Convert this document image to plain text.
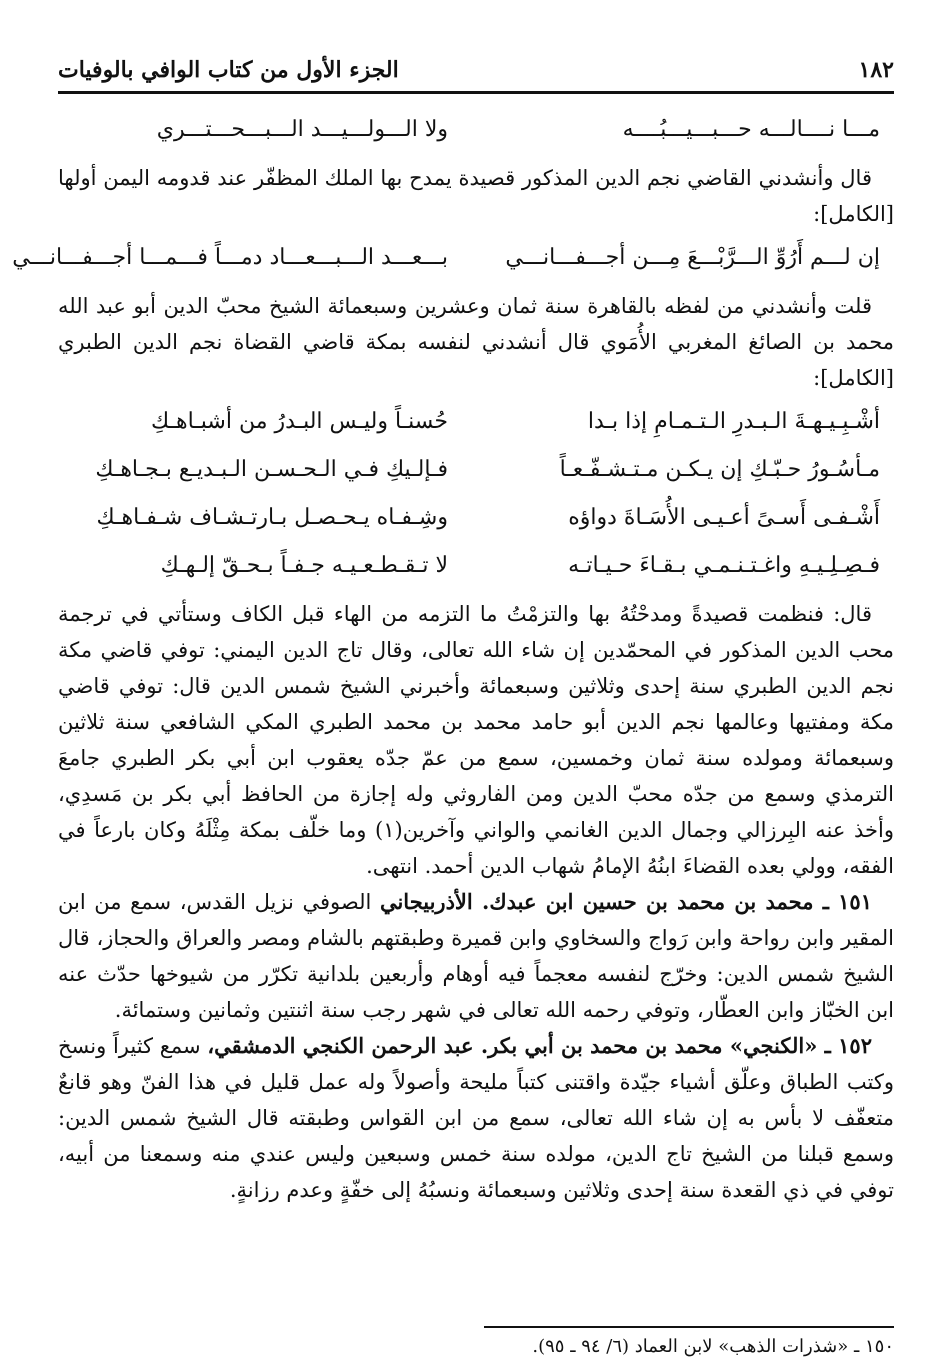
١٨٢
الجزء الأول من كتاب الوافي بالوفيات
مـــا نــــالـــه حـــبـــيـــبُــــه
ولا الـــولـــيـــد الـــبـــحـــتـــري

قال وأنشدني القاضي نجم الدين المذكور قصيدة يمدح بها الملك المظفّر عند قدومه اليمن أولها [الكامل]:

إن لـــم أَرُوِّ الـــرَّبْـــعَ مِـــن أجـــفـــانـــي
بـــعـــد الـــبـــعـــاد دمـــاً فـــمـــا أجـــفـــانـــي

قلت وأنشدني من لفظه بالقاهرة سنة ثمان وعشرين وسبعمائة الشيخ محبّ الدين أبو عبد الله محمد بن الصائغ المغربي الأُمَوي قال أنشدني لنفسه بمكة قاضي القضاة نجم الدين الطبري [الكامل]:

أشْـبِـيـهـةَ الـبـدرِ الـتـمـامِ إذا بـدا
حُسنـاً وليـس البـدرُ من أشبـاهـكِ
مـأسُـورُ حـبّـكِ إن يـكـن مـتـشـفّـعـاً
فـإلـيكِ فـي الـحـسـن الـبـديـع بـجـاهـكِ
أَشْـفـى أَسـىً أعـيـى الأُسَـاةَ دواؤه
وشِـفـاه يـحـصـل بـارتـشـاف شـفـاهـكِ
فـصِـلِـيـهِ واغـتـنـمـي بـقـاءَ حـيـاتـه
لا تـقـطـعـيـه جـفـاً بـحـقّ إلـهـكِ

قال: فنظمت قصيدةً ومدحْتُهُ بها والتزمْتُ ما التزمه من الهاء قبل الكاف وستأتي في ترجمة محب الدين المذكور في المحمّدين إن شاء الله تعالى، وقال تاج الدين اليمني: توفي قاضي مكة نجم الدين الطبري سنة إحدى وثلاثين وسبعمائة وأخبرني الشيخ شمس الدين قال: توفي قاضي مكة ومفتيها وعالمها نجم الدين أبو حامد محمد بن محمد الطبري المكي الشافعي سنة ثلاثين وسبعمائة ومولده سنة ثمان وخمسين، سمع من عمّ جدّه يعقوب ابن أبي بكر الطبري جامعَ الترمذي وسمع من جدّه محبّ الدين ومن الفاروثي وله إجازة من الحافظ أبي بكر بن مَسدِي، وأخذ عنه البِرزالي وجمال الدين الغانمي والواني وآخرين(١) وما خلّف بمكة مِثْلَهُ وكان بارعاً في الفقه، وولي بعده القضاءَ ابنُهُ الإمامُ شهاب الدين أحمد. انتهى.

١٥١ ـ محمد بن محمد بن حسين ابن عبدك. الأذربيجاني الصوفي نزيل القدس، سمع من ابن المقير وابن رواحة وابن رَواج والسخاوي وابن قميرة وطبقتهم بالشام ومصر والعراق والحجاز، قال الشيخ شمس الدين: وخرّج لنفسه معجماً فيه أوهام وأربعين بلدانية تكرّر من شيوخها حدّث عنه ابن الخبّاز وابن العطّار، وتوفي رحمه الله تعالى في شهر رجب سنة اثنتين وثمانين وستمائة.

١٥٢ ـ «الكنجي» محمد بن محمد بن أبي بكر. عبد الرحمن الكنجي الدمشقي، سمع كثيراً ونسخ وكتب الطباق وعلّق أشياء جيّدة واقتنى كتباً مليحة وأصولاً وله عمل قليل في هذا الفنّ وهو قانعٌ متعفّف لا بأس به إن شاء الله تعالى، سمع من ابن القواس وطبقته قال الشيخ شمس الدين: وسمع قبلنا من الشيخ تاج الدين، مولده سنة خمس وسبعين وليس عندي منه وسمعنا من أبيه، توفي في ذي القعدة سنة إحدى وثلاثين وسبعمائة ونسبُهُ إلى خفّةٍ وعدم رزانةٍ.

١٥٠ ـ «شذرات الذهب» لابن العماد (٦/ ٩٤ ـ ٩٥).
